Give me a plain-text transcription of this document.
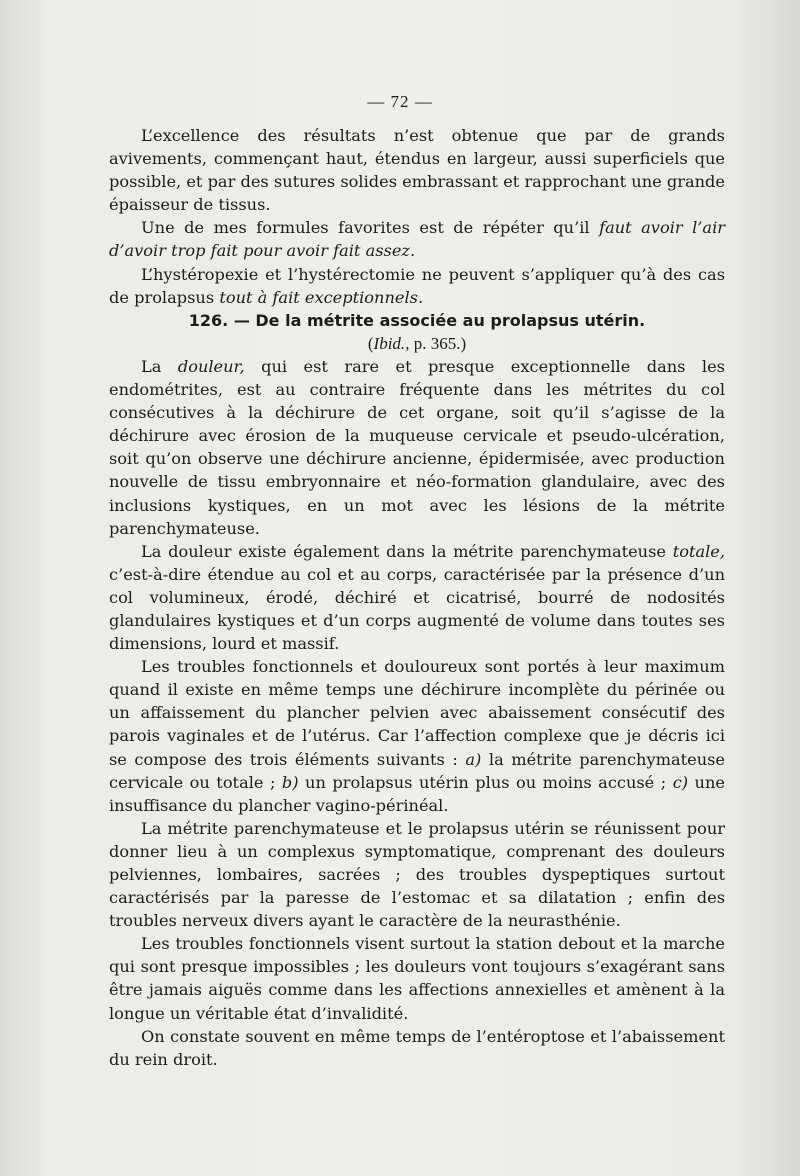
— 72 —

L’excellence des résultats n’est obtenue que par de grands avivements, commençant haut, étendus en largeur, aussi superficiels que possible, et par des sutures solides embrassant et rapprochant une grande épaisseur de tissus.

Une de mes formules favorites est de répéter qu’il faut avoir l’air d’avoir trop fait pour avoir fait assez.

L’hystéropexie et l’hystérectomie ne peuvent s’appliquer qu’à des cas de prolapsus tout à fait exceptionnels.

126. — De la métrite associée au prolapsus utérin.

(Ibid., p. 365.)

La douleur, qui est rare et presque exceptionnelle dans les endométrites, est au contraire fréquente dans les métrites du col consécutives à la déchirure de cet organe, soit qu’il s’agisse de la déchirure avec érosion de la muqueuse cervicale et pseudo-ulcération, soit qu’on observe une déchirure ancienne, épidermisée, avec production nouvelle de tissu embryonnaire et néo-formation glandulaire, avec des inclusions kystiques, en un mot avec les lésions de la métrite parenchymateuse.

La douleur existe également dans la métrite parenchymateuse totale, c’est-à-dire étendue au col et au corps, caractérisée par la présence d’un col volumineux, érodé, déchiré et cicatrisé, bourré de nodosités glandulaires kystiques et d’un corps augmenté de volume dans toutes ses dimensions, lourd et massif.

Les troubles fonctionnels et douloureux sont portés à leur maximum quand il existe en même temps une déchirure incomplète du périnée ou un affaissement du plancher pelvien avec abaissement consécutif des parois vaginales et de l’utérus. Car l’affection complexe que je décris ici se compose des trois éléments suivants : a) la métrite parenchymateuse cervicale ou totale ; b) un prolapsus utérin plus ou moins accusé ; c) une insuffisance du plancher vagino-périnéal.

La métrite parenchymateuse et le prolapsus utérin se réunissent pour donner lieu à un complexus symptomatique, comprenant des douleurs pelviennes, lombaires, sacrées ; des troubles dyspeptiques surtout caractérisés par la paresse de l’estomac et sa dilatation ; enfin des troubles nerveux divers ayant le caractère de la neurasthénie.

Les troubles fonctionnels visent surtout la station debout et la marche qui sont presque impossibles ; les douleurs vont toujours s’exagérant sans être jamais aiguës comme dans les affections annexielles et amènent à la longue un véritable état d’invalidité.

On constate souvent en même temps de l’entéroptose et l’abaissement du rein droit.
